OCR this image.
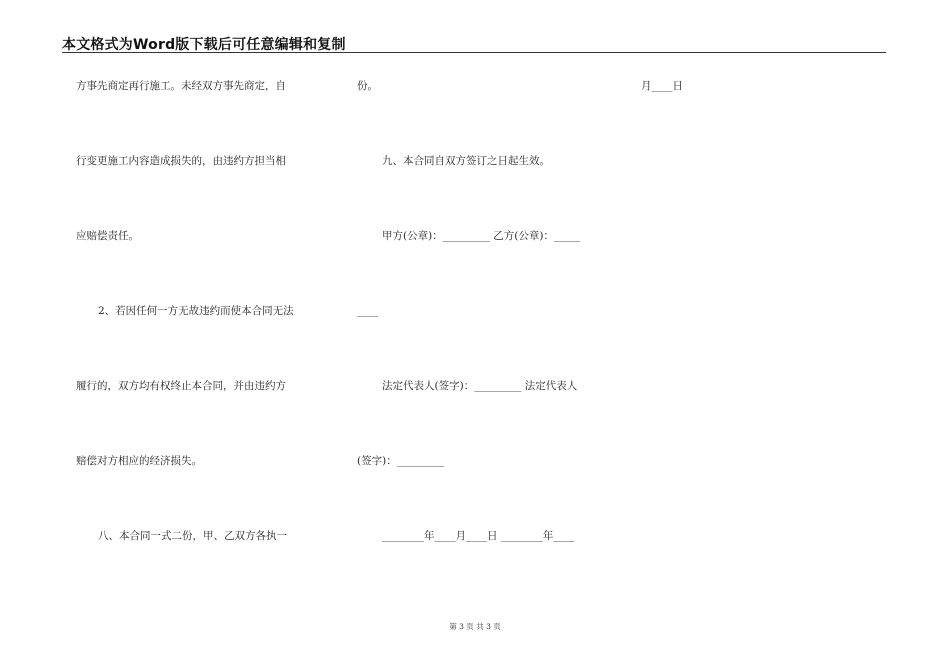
本文格式为Word版下载后可任意编辑和复制
方事先商定再行施工。未经双方事先商定，自
行变更施工内容造成损失的，由违约方担当相
应赔偿责任。
2、若因任何一方无故违约而使本合同无法
履行的，双方均有权终止本合同，并由违约方
赔偿对方相应的经济损失。
八、本合同一式二份，甲、乙双方各执一
份。	月____日
九、本合同自双方签订之日起生效。
甲方(公章)：_________ 乙方(公章)：_____
____
法定代表人(签字)：_________ 法定代表人
(签字)：_________
________年____月____日 ________年____
第 3 页 共 3 页
